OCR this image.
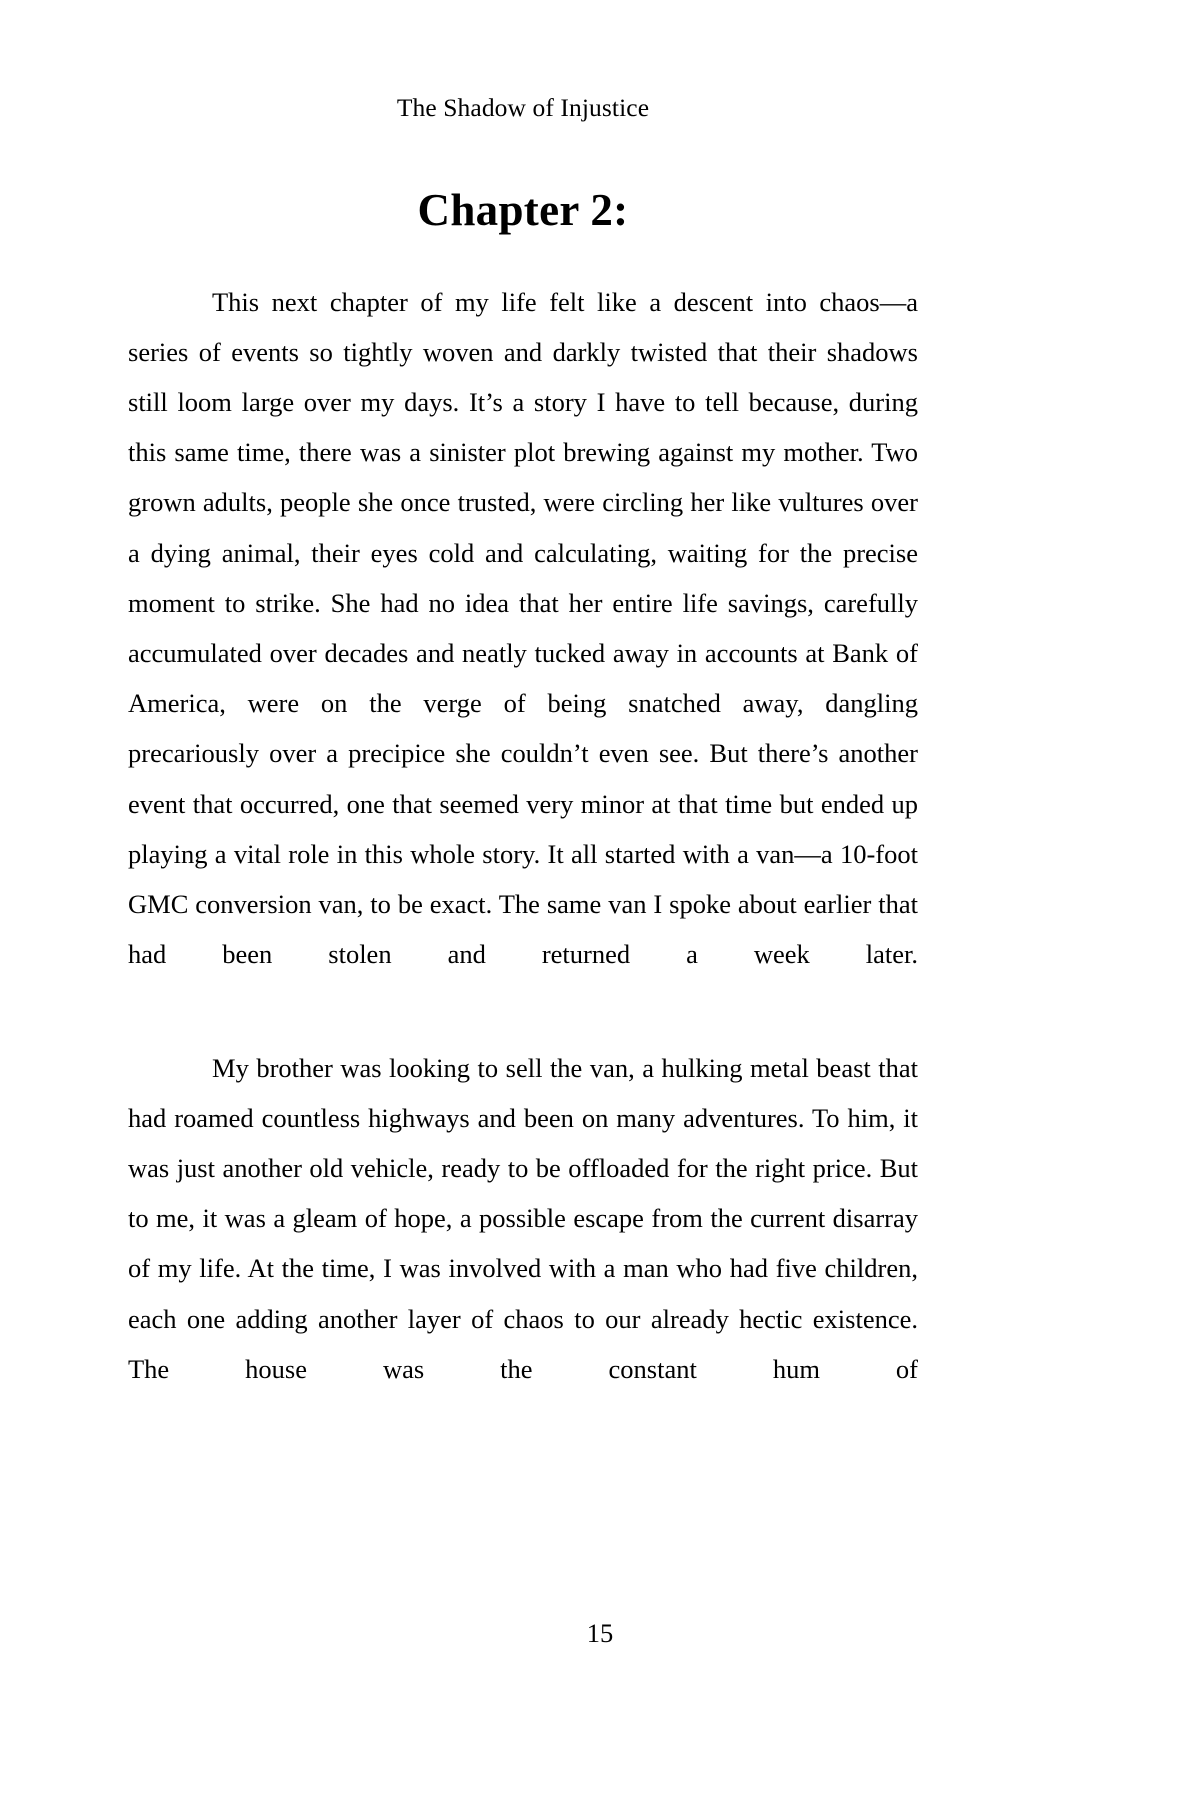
The Shadow of Injustice
Chapter 2:

This next chapter of my life felt like a descent into chaos—a series of events so tightly woven and darkly twisted that their shadows still loom large over my days. It’s a story I have to tell because, during this same time, there was a sinister plot brewing against my mother. Two grown adults, people she once trusted, were circling her like vultures over a dying animal, their eyes cold and calculating, waiting for the precise moment to strike. She had no idea that her entire life savings, carefully accumulated over decades and neatly tucked away in accounts at Bank of America, were on the verge of being snatched away, dangling precariously over a precipice she couldn’t even see. But there’s another event that occurred, one that seemed very minor at that time but ended up playing a vital role in this whole story. It all started with a van—a 10-foot GMC conversion van, to be exact. The same van I spoke about earlier that had been stolen and returned a week later.

My brother was looking to sell the van, a hulking metal beast that had roamed countless highways and been on many adventures. To him, it was just another old vehicle, ready to be offloaded for the right price. But to me, it was a gleam of hope, a possible escape from the current disarray of my life. At the time, I was involved with a man who had five children, each one adding another layer of chaos to our already hectic existence. The house was the constant hum of

15
